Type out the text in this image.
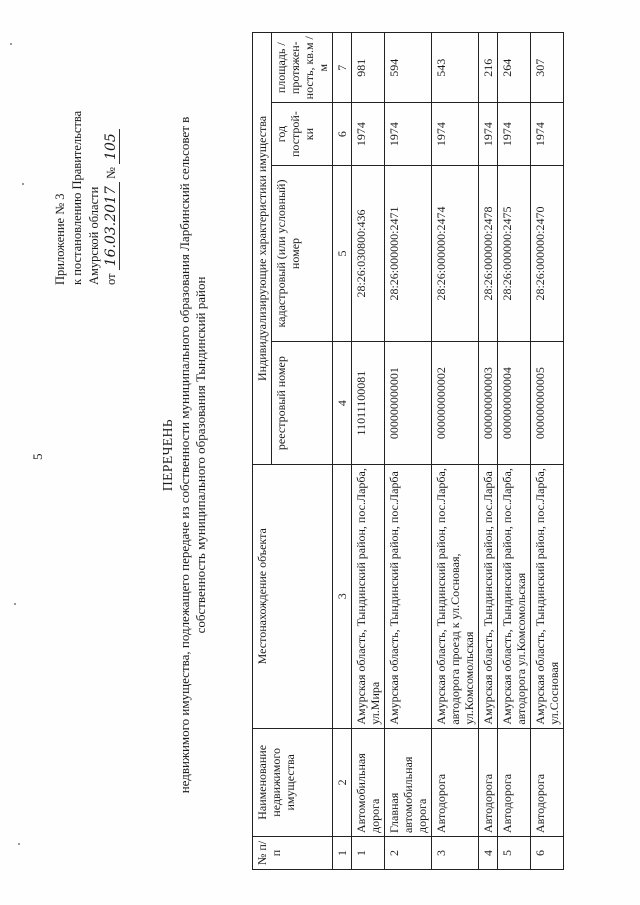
5
Приложение № 3 к постановлению Правительства Амурской области от 16.03.2017 № 105
ПЕРЕЧЕНЬ недвижимого имущества, подлежащего передаче из собственности муниципального образования Ларбинский сельсовет в собственность муниципального образования Тындинский район
№ п/п	Наименование недвижимого имущества	Местонахождение объекта	Индивидуализирующие характеристики имущества			
			реестровый номер	кадастровый (или условный) номер	год построй-ки	площадь / протяжен-ность, кв.м / м
1	2	3	4	5	6	7
1	Автомобильная дорога	Амурская область, Тындинский район, пос.Ларба, ул.Мира	11011100081	28:26:030800:436	1974	981
2	Главная автомобильная дорога	Амурская область, Тындинский район, пос.Ларба	000000000001	28:26:000000:2471	1974	594
3	Автодорога	Амурская область, Тындинский район, пос.Ларба, автодорога проезд к ул.Сосновая, ул.Комсомольская	000000000002	28:26:000000:2474	1974	543
4	Автодорога	Амурская область, Тындинский район, пос.Ларба	000000000003	28:26:000000:2478	1974	216
5	Автодорога	Амурская область, Тындинский район, пос.Ларба, автодорога ул.Комсомольская	000000000004	28:26:000000:2475	1974	264
6	Автодорога	Амурская область, Тындинский район, пос.Ларба, ул.Сосновая	000000000005	28:26:000000:2470	1974	307
